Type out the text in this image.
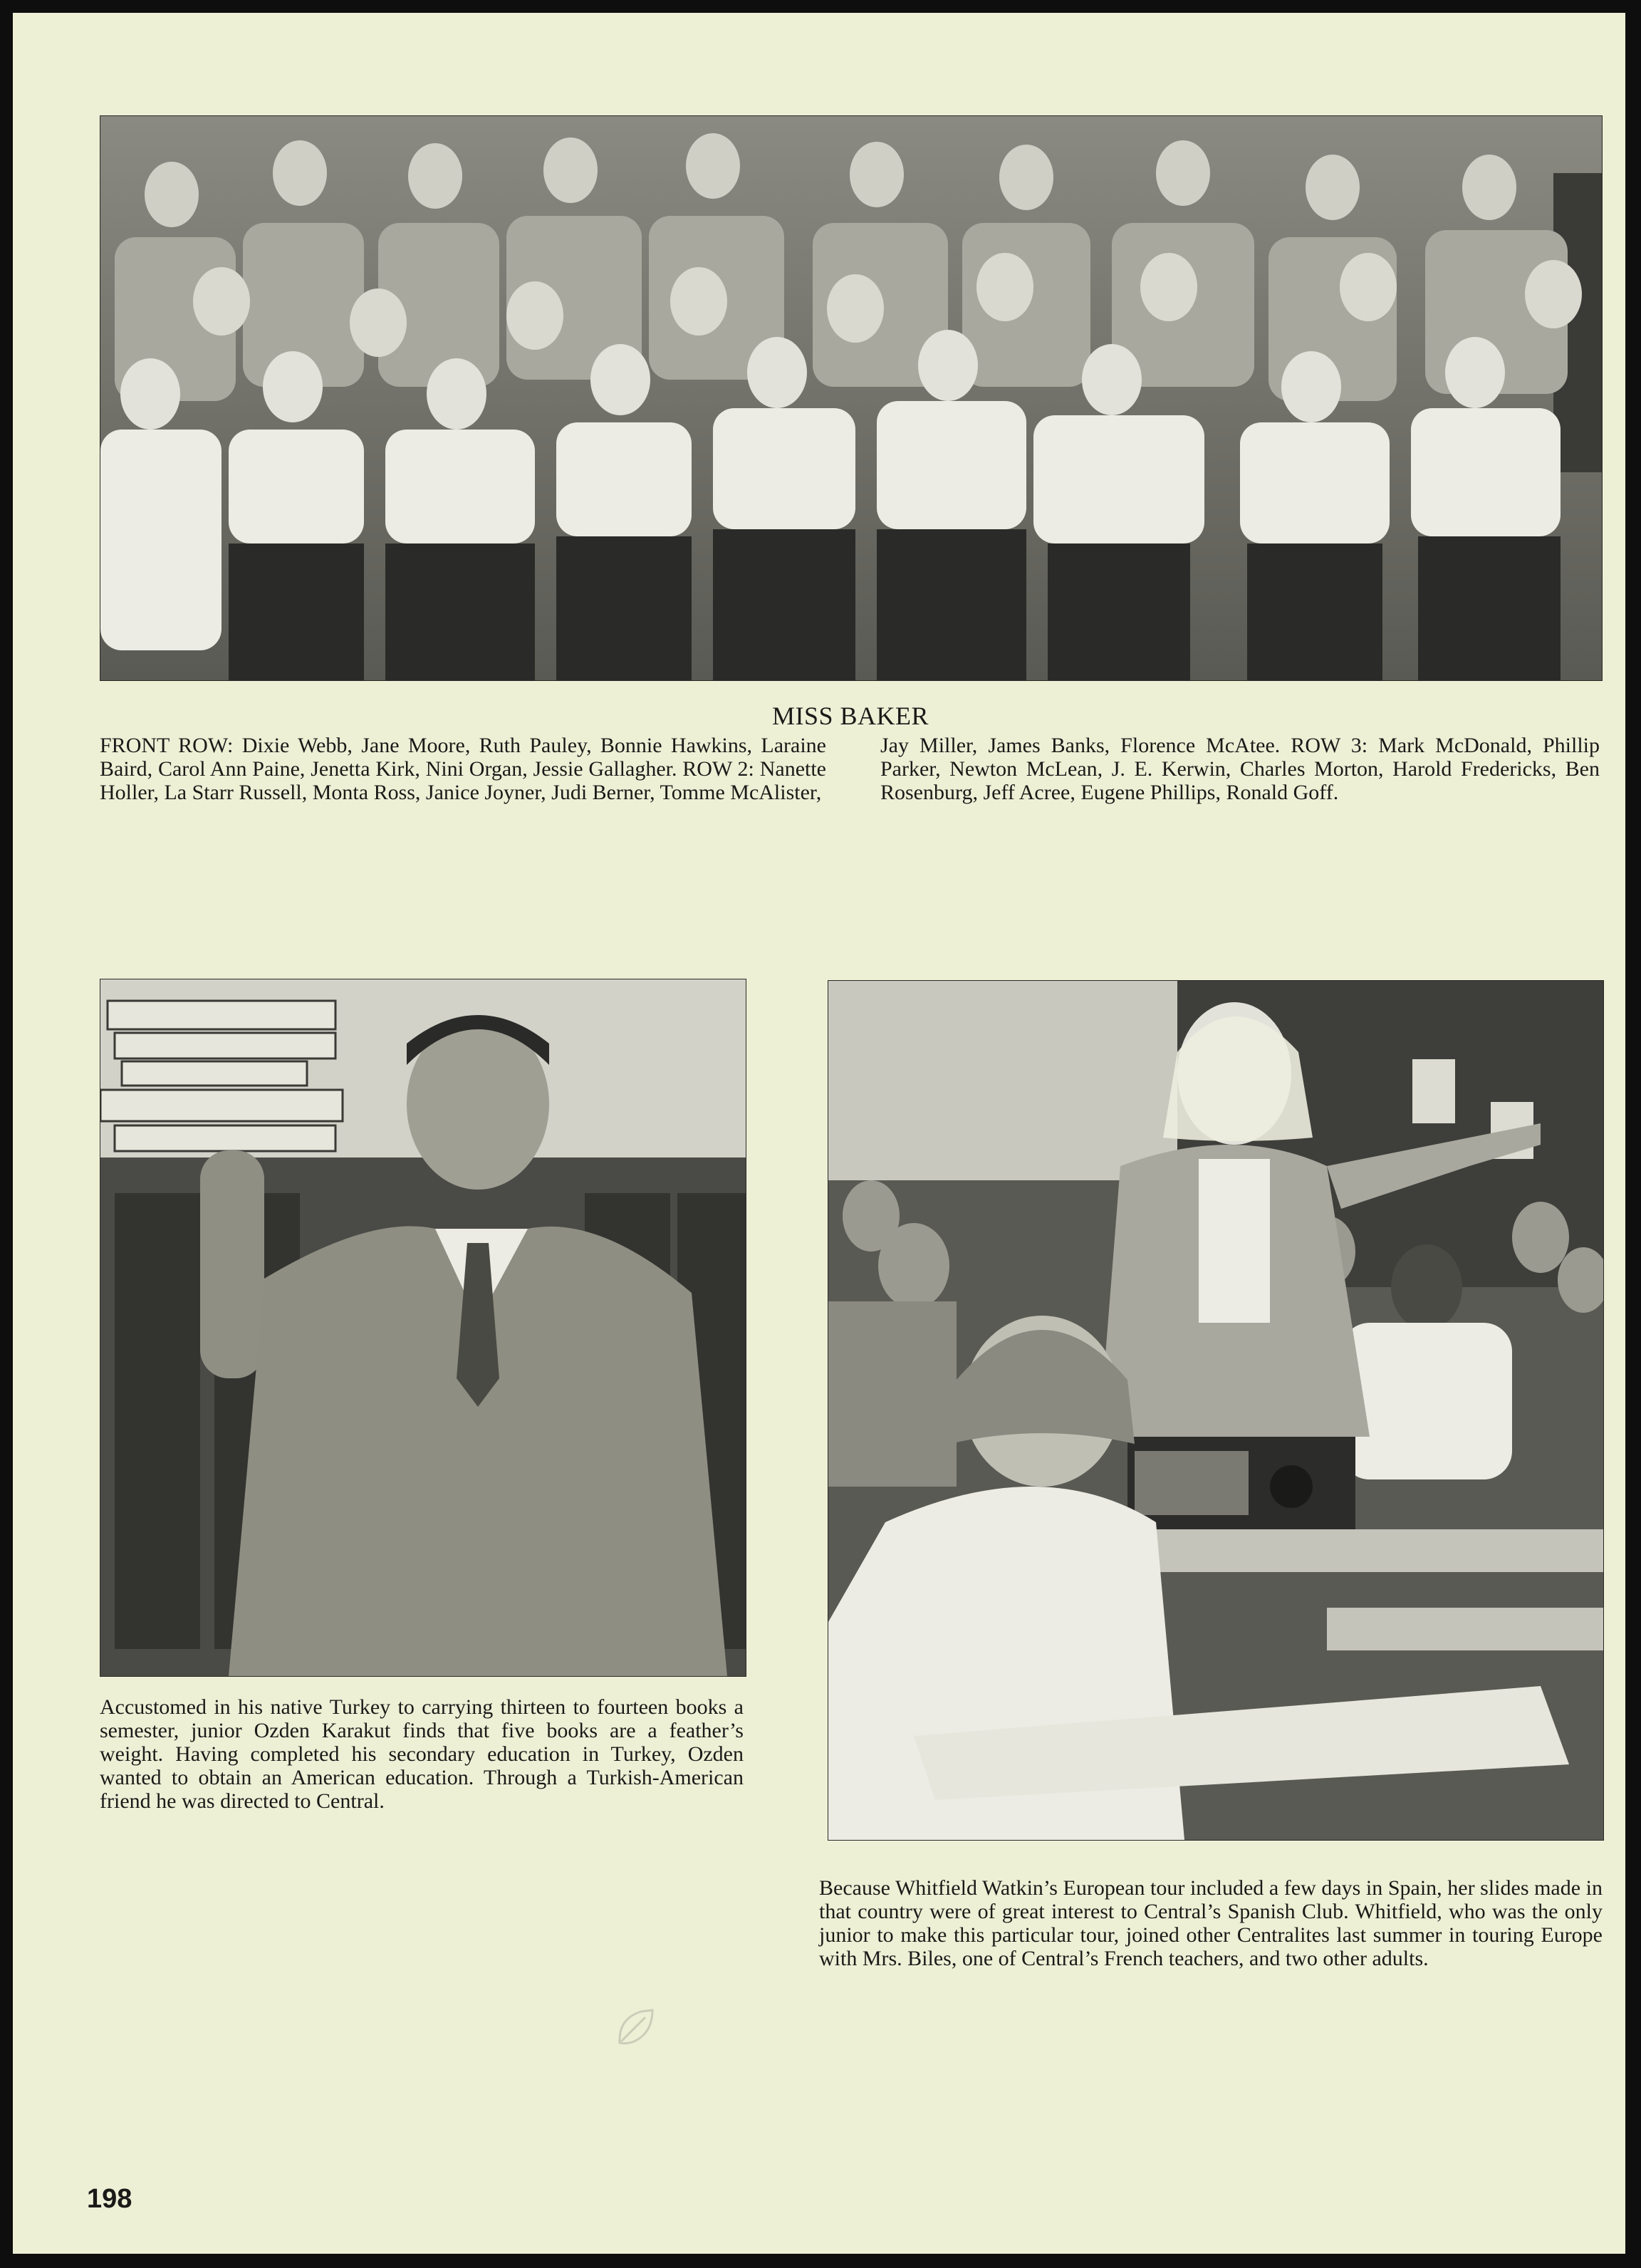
MISS BAKER

FRONT ROW: Dixie Webb, Jane Moore, Ruth Pauley, Bonnie Hawkins, Laraine Baird, Carol Ann Paine, Jenetta Kirk, Nini Organ, Jessie Gallagher. ROW 2: Nanette Holler, La Starr Russell, Monta Ross, Janice Joyner, Judi Berner, Tomme McAlister,

Jay Miller, James Banks, Florence McAtee. ROW 3: Mark McDonald, Phillip Parker, Newton McLean, J. E. Kerwin, Charles Morton, Harold Fredericks, Ben Rosenburg, Jeff Acree, Eugene Phillips, Ronald Goff.

Accustomed in his native Turkey to carrying thirteen to fourteen books a semester, junior Ozden Karakut finds that five books are a feather’s weight. Having completed his secondary education in Turkey, Ozden wanted to obtain an American education. Through a Turkish-American friend he was directed to Central.

Because Whitfield Watkin’s European tour included a few days in Spain, her slides made in that country were of great interest to Central’s Spanish Club. Whitfield, who was the only junior to make this particular tour, joined other Centralites last summer in touring Europe with Mrs. Biles, one of Central’s French teachers, and two other adults.

198
